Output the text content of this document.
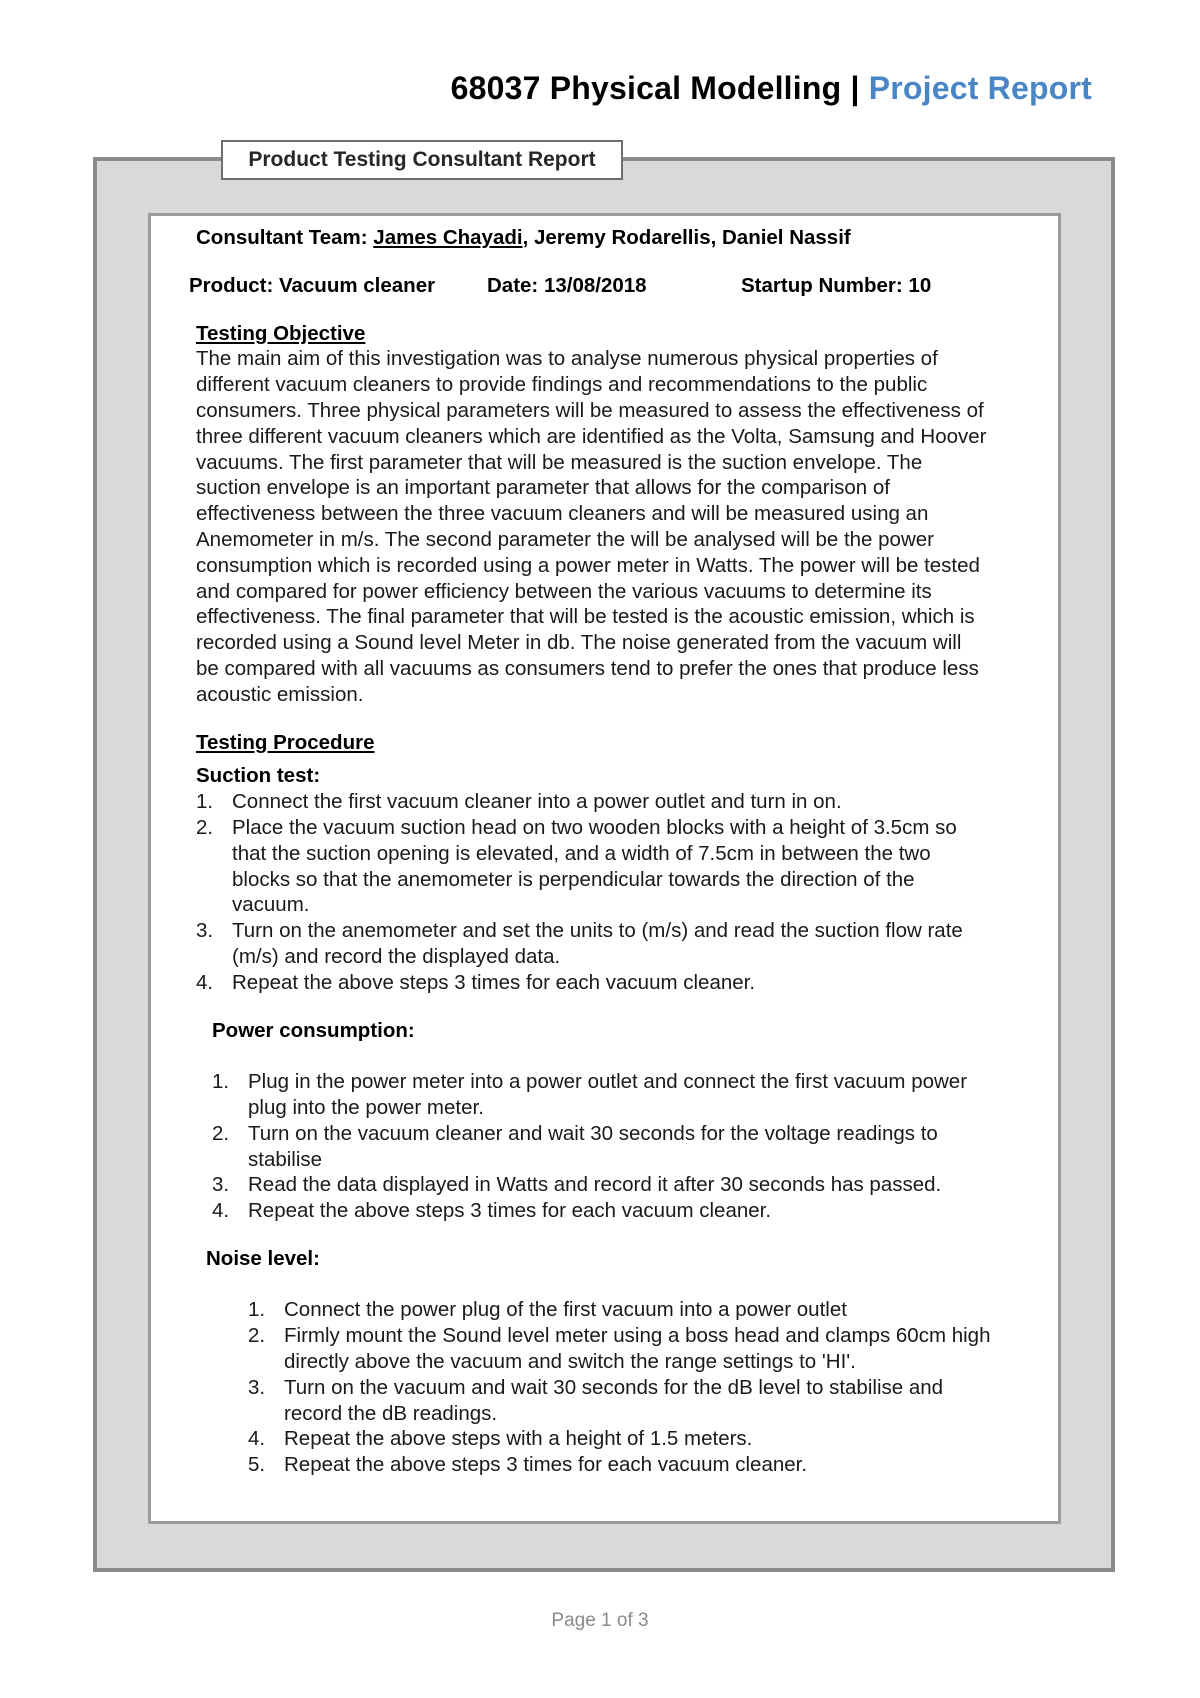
68037 Physical Modelling | Project Report
Product Testing Consultant Report
Consultant Team: James Chayadi, Jeremy Rodarellis, Daniel Nassif
Product: Vacuum cleaner	Date: 13/08/2018	Startup Number: 10
Testing Objective
The main aim of this investigation was to analyse numerous physical properties of
different vacuum cleaners to provide findings and recommendations to the public
consumers. Three physical parameters will be measured to assess the effectiveness of
three different vacuum cleaners which are identified as the Volta, Samsung and Hoover
vacuums. The first parameter that will be measured is the suction envelope. The
suction envelope is an important parameter that allows for the comparison of
effectiveness between the three vacuum cleaners and will be measured using an
Anemometer in m/s. The second parameter the will be analysed will be the power
consumption which is recorded using a power meter in Watts. The power will be tested
and compared for power efficiency between the various vacuums to determine its
effectiveness. The final parameter that will be tested is the acoustic emission, which is
recorded using a Sound level Meter in db. The noise generated from the vacuum will
be compared with all vacuums as consumers tend to prefer the ones that produce less
acoustic emission.
Testing Procedure
Suction test:
1. Connect the first vacuum cleaner into a power outlet and turn in on.
2. Place the vacuum suction head on two wooden blocks with a height of 3.5cm so
that the suction opening is elevated, and a width of 7.5cm in between the two
blocks so that the anemometer is perpendicular towards the direction of the
vacuum.
3. Turn on the anemometer and set the units to (m/s) and read the suction flow rate
(m/s) and record the displayed data.
4. Repeat the above steps 3 times for each vacuum cleaner.
Power consumption:
1. Plug in the power meter into a power outlet and connect the first vacuum power
plug into the power meter.
2. Turn on the vacuum cleaner and wait 30 seconds for the voltage readings to
stabilise
3. Read the data displayed in Watts and record it after 30 seconds has passed.
4. Repeat the above steps 3 times for each vacuum cleaner.
Noise level:
1. Connect the power plug of the first vacuum into a power outlet
2. Firmly mount the Sound level meter using a boss head and clamps 60cm high
directly above the vacuum and switch the range settings to 'HI'.
3. Turn on the vacuum and wait 30 seconds for the dB level to stabilise and
record the dB readings.
4. Repeat the above steps with a height of 1.5 meters.
5. Repeat the above steps 3 times for each vacuum cleaner.
Page 1 of 3
